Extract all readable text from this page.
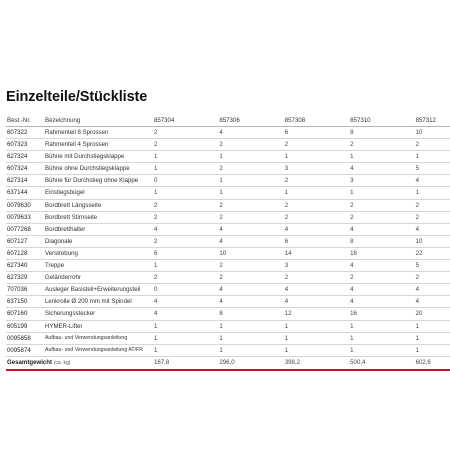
Einzelteile/Stückliste
Best.-Nr.	Bezeichnung	857304	857306	857308	857310	857312
607322	Rahmenteil 8 Sprossen	2	4	6	8	10
607323	Rahmenteil 4 Sprossen	2	2	2	2	2
627324	Bühne mit Durchstiegsklappe	1	1	1	1	1
607324	Bühne ohne Durchstiegsklappe	1	2	3	4	5
627314	Bühne für Durchstieg ohne Klappe	0	1	2	3	4
637144	Einstiegsbügel	1	1	1	1	1
0079630	Bordbrett Längsseite	2	2	2	2	2
0079633	Bordbrett Stirnseite	2	2	2	2	2
0077268	Bordbretthalter	4	4	4	4	4
607127	Diagonale	2	4	6	8	10
607128	Verstrebung	6	10	14	18	22
627340	Treppe	1	2	3	4	5
627329	Geländerrohr	2	2	2	2	2
707036	Ausleger Basisteil+Erweiterungsteil	0	4	4	4	4
637150	Lenkrolle Ø 200 mm mit Spindel	4	4	4	4	4
607160	Sicherungsstecker	4	8	12	16	20
605199	HYMER-Lifter	1	1	1	1	1
0095858	Aufbau- und Verwendungsanleitung	1	1	1	1	1
0095874	Aufbau- und Verwendungsanleitung AT/FR	1	1	1	1	1
Gesamtgewicht (ca. kg)		167,8	296,0	398,2	500,4	602,6
